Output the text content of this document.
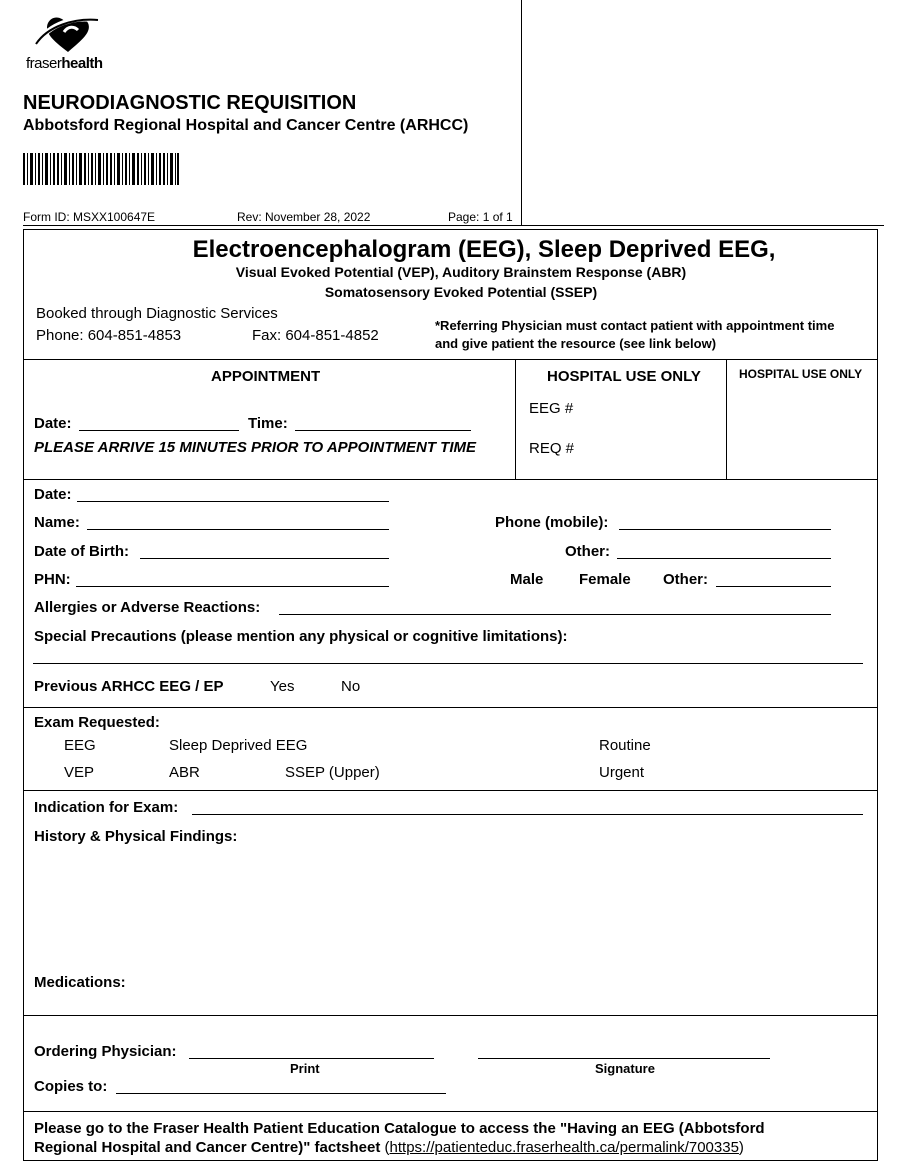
fraserhealth
NEURODIAGNOSTIC REQUISITION
Abbotsford Regional Hospital and Cancer Centre (ARHCC)
Form ID: MSXX100647E	Rev: November 28, 2022	Page: 1 of 1
Electroencephalogram (EEG), Sleep Deprived EEG,
Visual Evoked Potential (VEP), Auditory Brainstem Response (ABR)
Somatosensory Evoked Potential (SSEP)
Booked through Diagnostic Services
Phone: 604-851-4853	Fax: 604-851-4852
*Referring Physician must contact patient with appointment time
and give patient the resource (see link below)
APPOINTMENT
Date:	Time:
PLEASE ARRIVE 15 MINUTES PRIOR TO APPOINTMENT TIME
HOSPITAL USE ONLY	HOSPITAL USE ONLY
EEG #
REQ #
Date:
Name:	Phone (mobile):
Date of Birth:	Other:
PHN:	Male Female Other:
Allergies or Adverse Reactions:
Special Precautions (please mention any physical or cognitive limitations):
Previous ARHCC EEG / EP	Yes	No
Exam Requested:
EEG	Sleep Deprived EEG	Routine
VEP	ABR	SSEP (Upper)	Urgent
Indication for Exam:
History & Physical Findings:
Medications:
Ordering Physician:
Print	Signature
Copies to:
Please go to the Fraser Health Patient Education Catalogue to access the "Having an EEG (Abbotsford
Regional Hospital and Cancer Centre)" factsheet (https://patienteduc.fraserhealth.ca/permalink/700335)
